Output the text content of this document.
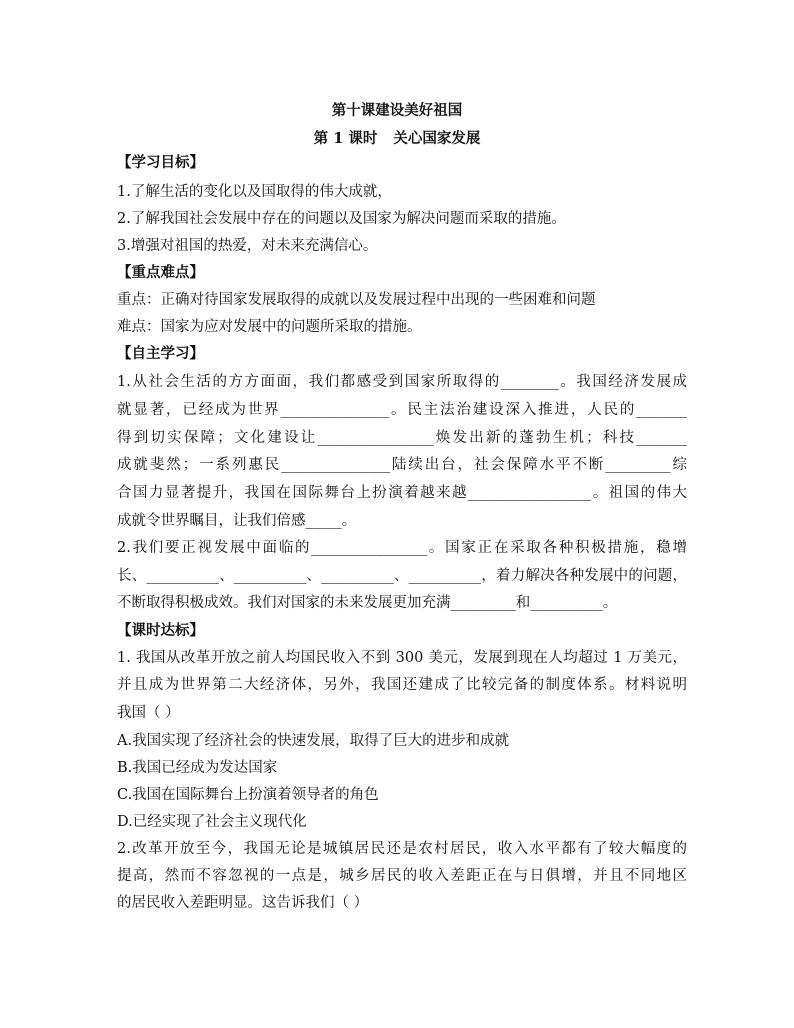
第十课建设美好祖国
第 1 课时 关心国家发展
【学习目标】
1.了解生活的变化以及国取得的伟大成就，
2.了解我国社会发展中存在的问题以及国家为解决问题而采取的措施。
3.增强对祖国的热爱，对未来充满信心。
【重点难点】
重点：正确对待国家发展取得的成就以及发展过程中出现的一些困难和问题
难点：国家为应对发展中的问题所采取的措施。
【自主学习】
1.从社会生活的方方面面，我们都感受到国家所取得的________。我国经济发展成
就显著，已经成为世界_______________。民主法治建设深入推进，人民的_______
得到切实保障；文化建设让________________焕发出新的蓬勃生机；科技_______
成就斐然；一系列惠民_______________陆续出台，社会保障水平不断_________综
合国力显著提升，我国在国际舞台上扮演着越来越_________________。祖国的伟大
成就令世界瞩目，让我们倍感_____。
2.我们要正视发展中面临的________________。国家正在采取各种积极措施，稳增
长、__________、__________、__________、__________，着力解决各种发展中的问题，
不断取得积极成效。我们对国家的未来发展更加充满_________和__________。
【课时达标】
1. 我国从改革开放之前人均国民收入不到 300 美元，发展到现在人均超过 1 万美元，
并且成为世界第二大经济体，另外，我国还建成了比较完备的制度体系。材料说明
我国（ ）
A.我国实现了经济社会的快速发展，取得了巨大的进步和成就
B.我国已经成为发达国家
C.我国在国际舞台上扮演着领导者的角色
D.已经实现了社会主义现代化
2.改革开放至今，我国无论是城镇居民还是农村居民，收入水平都有了较大幅度的
提高，然而不容忽视的一点是，城乡居民的收入差距正在与日俱增，并且不同地区
的居民收入差距明显。这告诉我们（ ）
